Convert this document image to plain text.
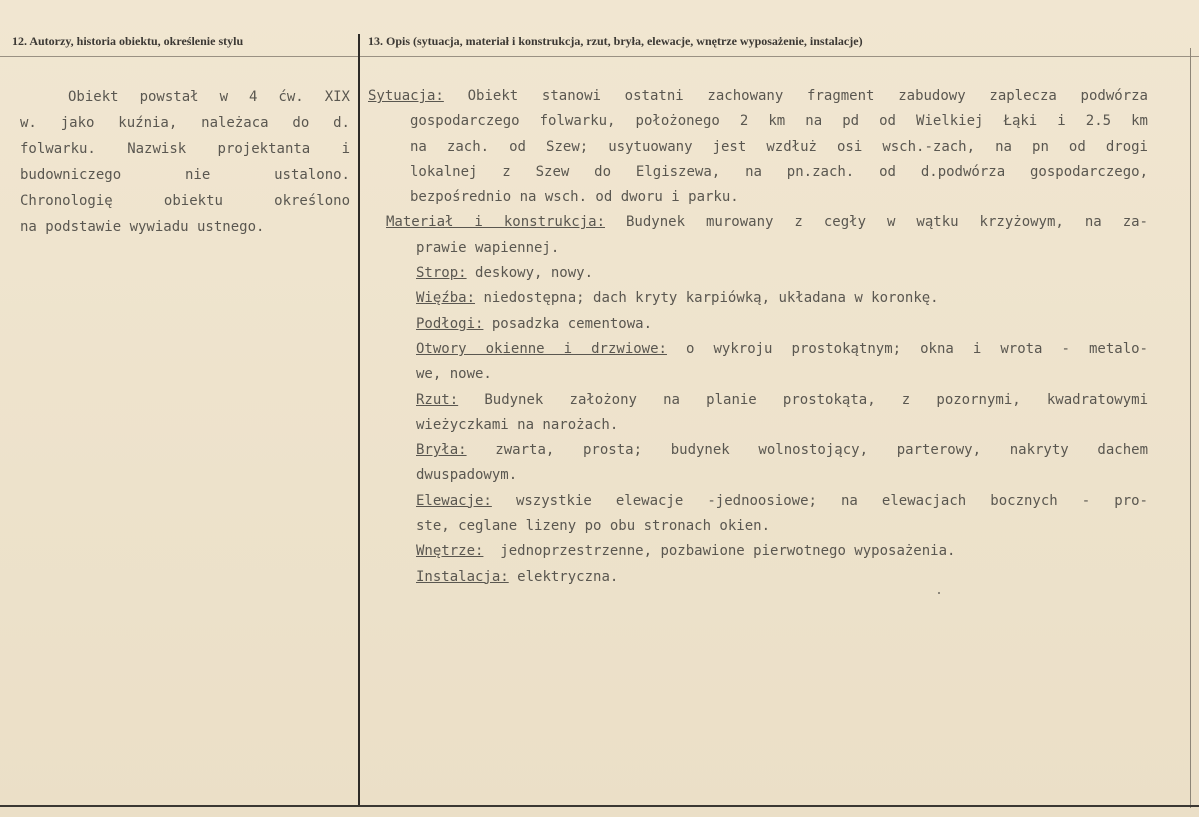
12. Autorzy, historia obiektu, określenie stylu	13. Opis (sytuacja, materiał i konstrukcja, rzut, bryła, elewacje, wnętrze wyposażenie, instalacje)
Obiekt powstał w 4 ćw. XIX
w. jako kuźnia, należaca do d.
folwarku. Nazwisk projektanta i
budowniczego nie ustalono.
Chronologię obiektu określono
na podstawie wywiadu ustnego.
Sytuacja: Obiekt stanowi ostatni zachowany fragment zabudowy zaplecza podwórza
gospodarczego folwarku, położonego 2 km na pd od Wielkiej Łąki i 2.5 km
na zach. od Szew; usytuowany jest wzdłuż osi wsch.-zach, na pn od drogi
lokalnej z Szew do Elgiszewa, na pn.zach. od d.podwórza gospodarczego,
bezpośrednio na wsch. od dworu i parku.
Materiał i konstrukcja: Budynek murowany z cegły w wątku krzyżowym, na za-
prawie wapiennej.
Strop: deskowy, nowy.
Więźba: niedostępna; dach kryty karpiówką, układana w koronkę.
Podłogi: posadzka cementowa.
Otwory okienne i drzwiowe: o wykroju prostokątnym; okna i wrota - metalo-
we, nowe.
Rzut: Budynek założony na planie prostokąta, z pozornymi, kwadratowymi
wieżyczkami na narożach.
Bryła: zwarta, prosta; budynek wolnostojący, parterowy, nakryty dachem
dwuspadowym.
Elewacje: wszystkie elewacje -jednoosiowe; na elewacjach bocznych - pro-
ste, ceglane lizeny po obu stronach okien.
Wnętrze: jednoprzestrzenne, pozbawione pierwotnego wyposażenia.
Instalacja: elektryczna.
